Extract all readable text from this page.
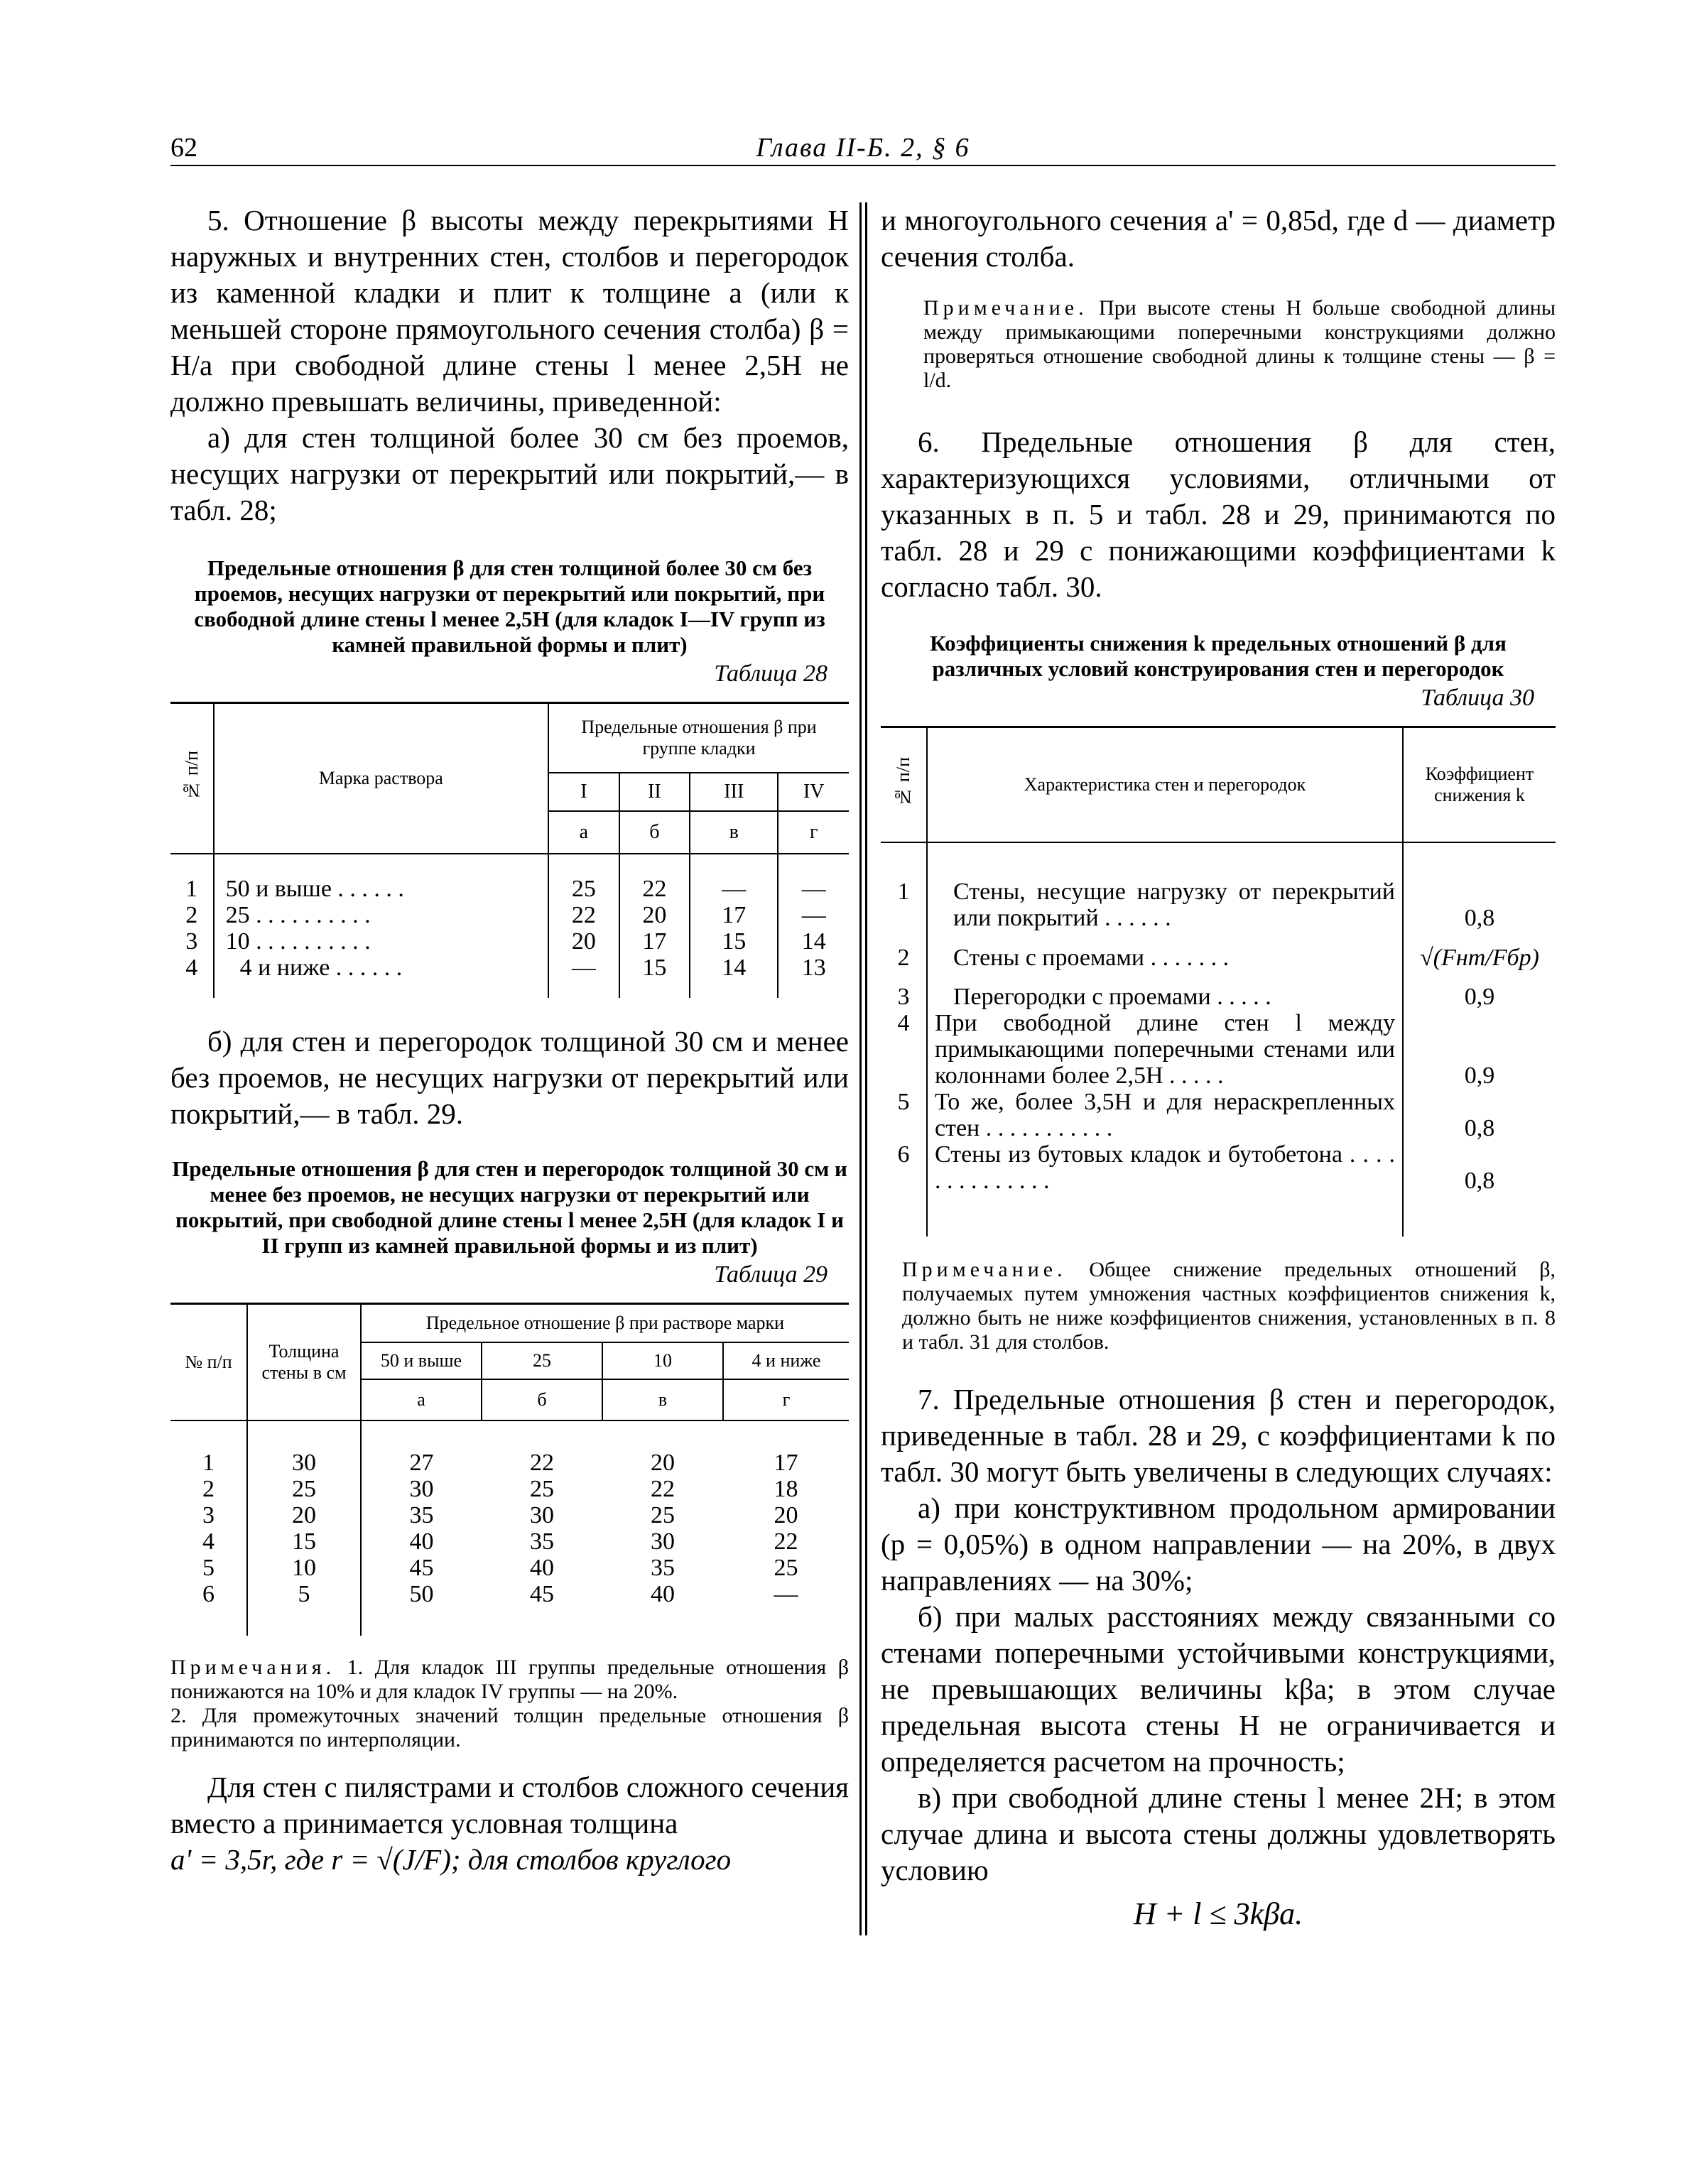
62	Глава II-Б. 2, § 6

5. Отношение β высоты между перекрытиями H наружных и внутренних стен, столбов и перегородок из каменной кладки и плит к толщине a (или к меньшей стороне прямоугольного сечения столба) β = H/a при свободной длине стены l менее 2,5H не должно превышать величины, приведенной:

а) для стен толщиной более 30 см без проемов, несущих нагрузки от перекрытий или покрытий,— в табл. 28;

Предельные отношения β для стен толщиной более 30 см без проемов, несущих нагрузки от перекрытий или покрытий, при свободной длине стены l менее 2,5H (для кладок I—IV групп из камней правильной формы и плит)

Таблица 28

№ п/п	Марка раствора	Предельные отношения β при группе кладки			
		I	II	III	IV
		а	б	в	г

1	50 и выше . . . . . .	25	22	—	—
2	25 . . . . . . . . . .	22	20	17	—
3	10 . . . . . . . . . .	20	17	15	14
4	4 и ниже . . . . . .	—	15	14	13

б) для стен и перегородок толщиной 30 см и менее без проемов, не несущих нагрузки от перекрытий или покрытий,— в табл. 29.

Предельные отношения β для стен и перегородок толщиной 30 см и менее без проемов, не несущих нагрузки от перекрытий или покрытий, при свободной длине стены l менее 2,5H (для кладок I и II групп из камней правильной формы и из плит)

Таблица 29

№ п/п	Толщина стены в см	Предельное отношение β при растворе марки			
		50 и выше	25	10	4 и ниже
		а	б	в	г

1	30	27	22	20	17
2	25	30	25	22	18
3	20	35	30	25	20
4	15	40	35	30	22
5	10	45	40	35	25
6	5	50	45	40	—

Примечания. 1. Для кладок III группы предельные отношения β понижаются на 10% и для кладок IV группы — на 20%.

2. Для промежуточных значений толщин предельные отношения β принимаются по интерполяции.

Для стен с пилястрами и столбов сложного сечения вместо a принимается условная толщина

a' = 3,5r, где r = √(J/F); для столбов круглого

и многоугольного сечения a' = 0,85d, где d — диаметр сечения столба.

Примечание. При высоте стены H больше свободной длины между примыкающими поперечными конструкциями должно проверяться отношение свободной длины к толщине стены — β = l/d.

6. Предельные отношения β для стен, характеризующихся условиями, отличными от указанных в п. 5 и табл. 28 и 29, принимаются по табл. 28 и 29 с понижающими коэффициентами k согласно табл. 30.

Коэффициенты снижения k предельных отношений β для различных условий конструирования стен и перегородок

Таблица 30

№ п/п	Характеристика стен и перегородок	Коэффициент снижения k

1	Стены, несущие нагрузку от перекрытий или покрытий . . . . . .	0,8
2	Стены с проемами . . . . . . .	√(Fнт/Fбр)
3	Перегородки с проемами . . . . .	0,9
4	При свободной длине стен l между примыкающими поперечными стенами или колоннами более 2,5H . . . . .	0,9
5	То же, более 3,5H и для нераскрепленных стен . . . . . . . . . . .	0,8
6	Стены из бутовых кладок и бутобетона . . . . . . . . . . . . . .	0,8

Примечание. Общее снижение предельных отношений β, получаемых путем умножения частных коэффициентов снижения k, должно быть не ниже коэффициентов снижения, установленных в п. 8 и табл. 31 для столбов.

7. Предельные отношения β стен и перегородок, приведенные в табл. 28 и 29, с коэффициентами k по табл. 30 могут быть увеличены в следующих случаях:

а) при конструктивном продольном армировании (p = 0,05%) в одном направлении — на 20%, в двух направлениях — на 30%;

б) при малых расстояниях между связанными со стенами поперечными устойчивыми конструкциями, не превышающих величины kβa; в этом случае предельная высота стены H не ограничивается и определяется расчетом на прочность;

в) при свободной длине стены l менее 2H; в этом случае длина и высота стены должны удовлетворять условию

H + l ≤ 3kβa.
